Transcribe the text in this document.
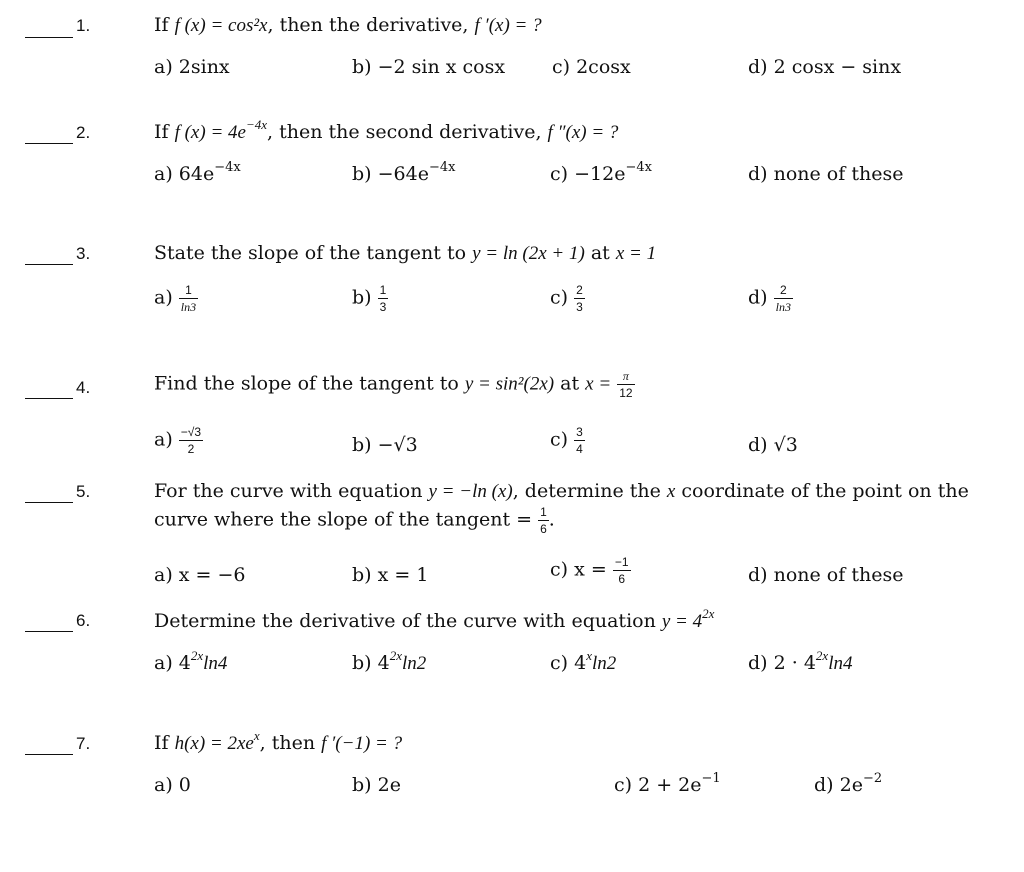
1.	If f (x) = cos²x, then the derivative, f ′(x) = ?
a) 2sinx	b) −2 sin x cosx c) 2cosx	d) 2 cosx − sinx
2.	If f $(x) = 4e^{-4x}$, then the second derivative, f ″(x) = ?
a) $64e^{-4x}$	$b) -64e^{-4x}$	$c) -12e^{-4x}$	d) none of these
3.	State the slope of the tangent to y = ln (2x + 1) at x = 1
$a) \frac{1}{\ln 3}$	$b) \frac{1}{3}$	$c) \frac{2}{3}$	$d) \frac{2}{\ln 3}$
4.	Find the slope of the tangent to y = sin²(2x) at $x = \frac{\pi}{12}$
$a) \frac{-√3}{2}$	b) −√3	$c) \frac{3}{4}$	d) √3
5.	For the curve with equation y = −ln (x), determine the x coordinate of the point on the
curve where the slope of the tangent = $\frac{1}{6}$ .
a) x = −6	b) x = 1	c) $x = \frac{-1}{6}$	d) none of these
6.	Determine the derivative of the curve with equation $y = 4^{2x}$
a) $4^{2x}\ln 4$	b) $4^{2x}\ln 2$	c) 4$^x$ln2	d) $2 \cdot 4^{2x}\ln 4$
7.	If $h(x) = 2xe^x$, then f ′(−1) = ?
a) 0	b) 2e	c) $2 + 2e^{-1}$	d) $2e^{-2}$
